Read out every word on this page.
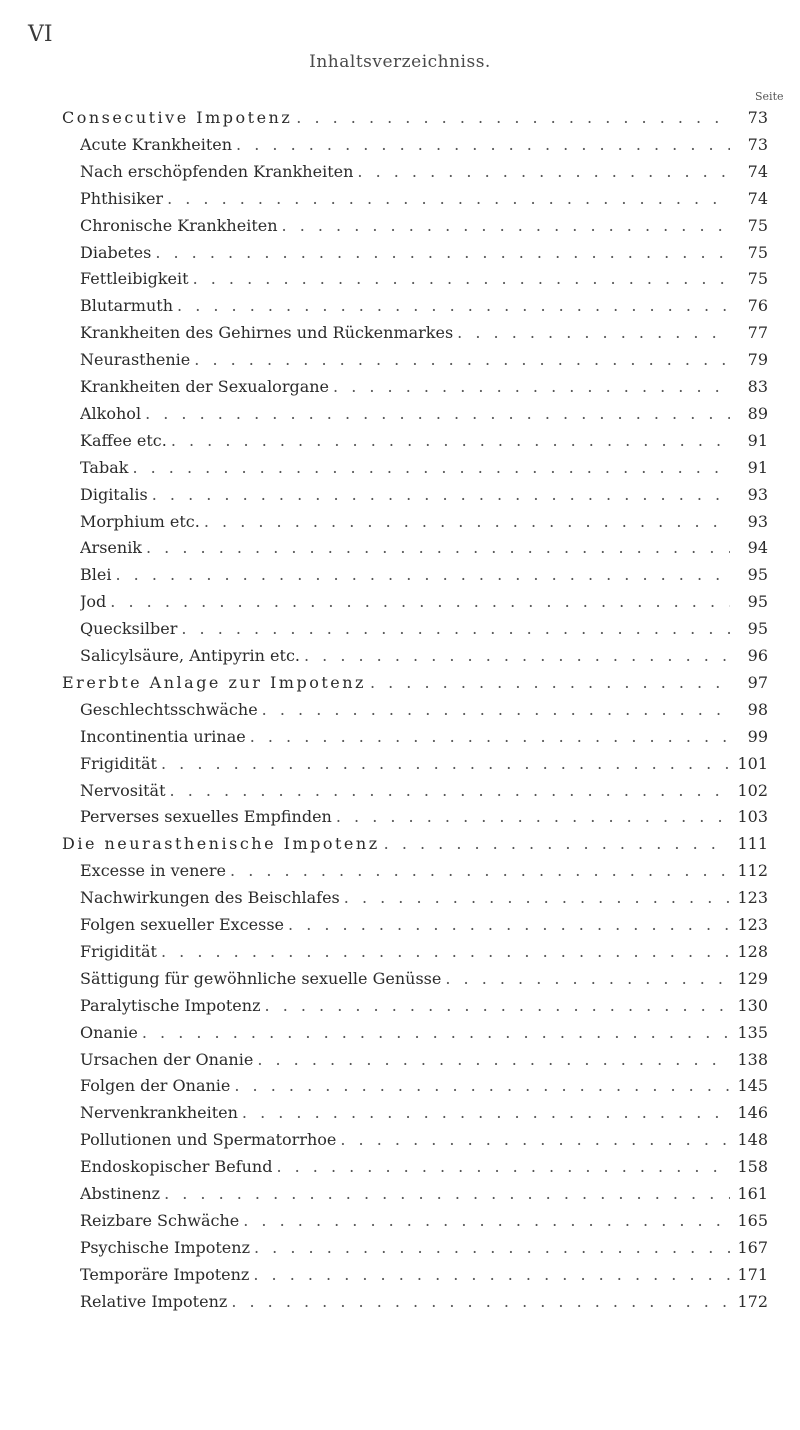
VI
Inhaltsverzeichniss.
Seite
Consecutive Impotenz . . .	73
Acute Krankheiten . . .	73
Nach erschöpfenden Krankheiten . . .	74
Phthisiker . . .	74
Chronische Krankheiten . . .	75
Diabetes . . .	75
Fettleibigkeit . . .	75
Blutarmuth . . .	76
Krankheiten des Gehirnes und Rückenmarkes . . .	77
Neurasthenie . . .	79
Krankheiten der Sexualorgane . . .	83
Alkohol . . .	89
Kaffee etc. . . .	91
Tabak . . .	91
Digitalis . . .	93
Morphium etc. . . .	93
Arsenik . . .	94
Blei . . .	95
Jod . . .	95
Quecksilber . . .	95
Salicylsäure, Antipyrin etc. . . .	96
Ererbte Anlage zur Impotenz . . .	97
Geschlechtsschwäche . . .	98
Incontinentia urinae . . .	99
Frigidität . . .	101
Nervosität . . .	102
Perverses sexuelles Empfinden . . .	103
Die neurasthenische Impotenz . . .	111
Excesse in venere . . .	112
Nachwirkungen des Beischlafes . . .	123
Folgen sexueller Excesse . . .	123
Frigidität . . .	128
Sättigung für gewöhnliche sexuelle Genüsse . . .	129
Paralytische Impotenz . . .	130
Onanie . . .	135
Ursachen der Onanie . . .	138
Folgen der Onanie . . .	145
Nervenkrankheiten . . .	146
Pollutionen und Spermatorrhoe . . .	148
Endoskopischer Befund . . .	158
Abstinenz . . .	161
Reizbare Schwäche . . .	165
Psychische Impotenz . . .	167
Temporäre Impotenz . . .	171
Relative Impotenz . . .	172
